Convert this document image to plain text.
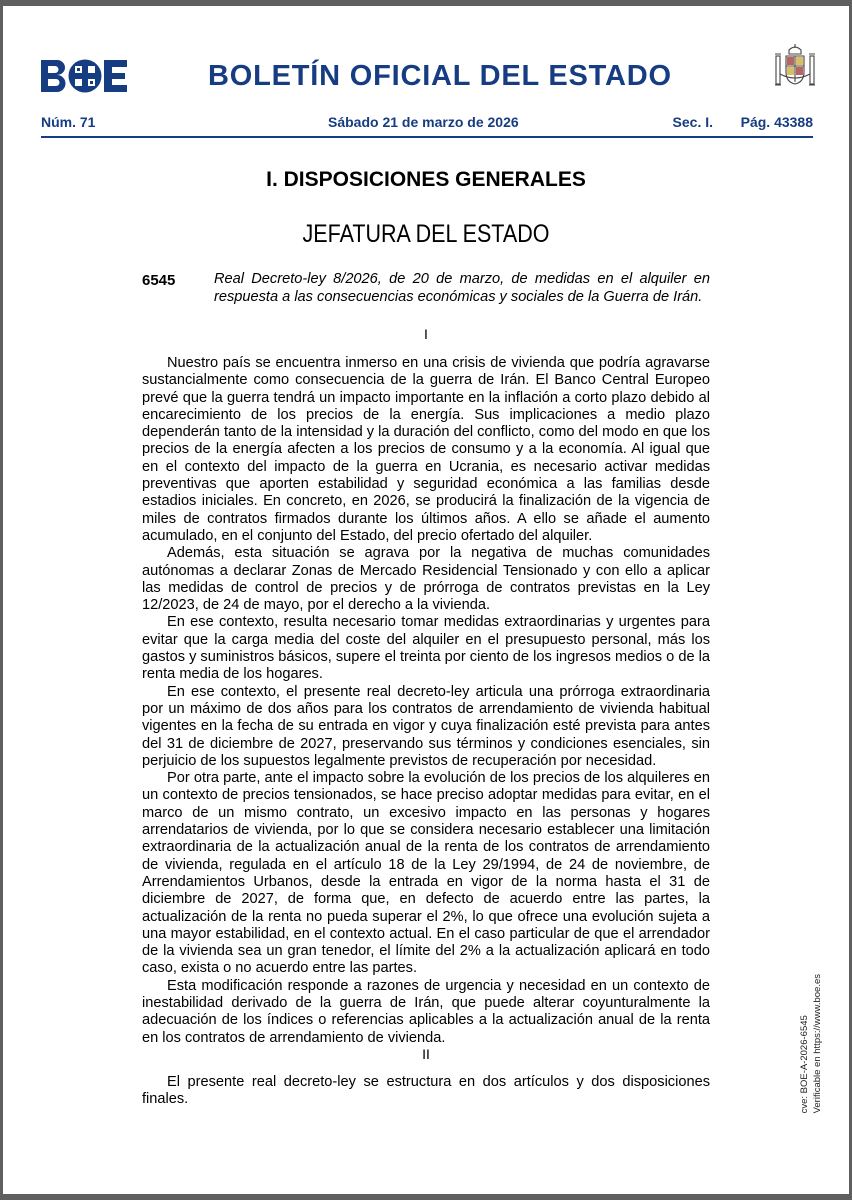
BOLETÍN OFICIAL DEL ESTADO
Núm. 71	Sábado 21 de marzo de 2026	Sec. I. Pág. 43388
I. DISPOSICIONES GENERALES
JEFATURA DEL ESTADO
6545	Real Decreto-ley 8/2026, de 20 de marzo, de medidas en el alquiler en respuesta a las consecuencias económicas y sociales de la Guerra de Irán.
I

Nuestro país se encuentra inmerso en una crisis de vivienda que podría agravarse sustancialmente como consecuencia de la guerra de Irán. El Banco Central Europeo prevé que la guerra tendrá un impacto importante en la inflación a corto plazo debido al encarecimiento de los precios de la energía. Sus implicaciones a medio plazo dependerán tanto de la intensidad y la duración del conflicto, como del modo en que los precios de la energía afecten a los precios de consumo y a la economía. Al igual que en el contexto del impacto de la guerra en Ucrania, es necesario activar medidas preventivas que aporten estabilidad y seguridad económica a las familias desde estadios iniciales. En concreto, en 2026, se producirá la finalización de la vigencia de miles de contratos firmados durante los últimos años. A ello se añade el aumento acumulado, en el conjunto del Estado, del precio ofertado del alquiler.

Además, esta situación se agrava por la negativa de muchas comunidades autónomas a declarar Zonas de Mercado Residencial Tensionado y con ello a aplicar las medidas de control de precios y de prórroga de contratos previstas en la Ley 12/2023, de 24 de mayo, por el derecho a la vivienda.

En ese contexto, resulta necesario tomar medidas extraordinarias y urgentes para evitar que la carga media del coste del alquiler en el presupuesto personal, más los gastos y suministros básicos, supere el treinta por ciento de los ingresos medios o de la renta media de los hogares.

En ese contexto, el presente real decreto-ley articula una prórroga extraordinaria por un máximo de dos años para los contratos de arrendamiento de vivienda habitual vigentes en la fecha de su entrada en vigor y cuya finalización esté prevista para antes del 31 de diciembre de 2027, preservando sus términos y condiciones esenciales, sin perjuicio de los supuestos legalmente previstos de recuperación por necesidad.

Por otra parte, ante el impacto sobre la evolución de los precios de los alquileres en un contexto de precios tensionados, se hace preciso adoptar medidas para evitar, en el marco de un mismo contrato, un excesivo impacto en las personas y hogares arrendatarios de vivienda, por lo que se considera necesario establecer una limitación extraordinaria de la actualización anual de la renta de los contratos de arrendamiento de vivienda, regulada en el artículo 18 de la Ley 29/1994, de 24 de noviembre, de Arrendamientos Urbanos, desde la entrada en vigor de la norma hasta el 31 de diciembre de 2027, de forma que, en defecto de acuerdo entre las partes, la actualización de la renta no pueda superar el 2%, lo que ofrece una evolución sujeta a una mayor estabilidad, en el contexto actual. En el caso particular de que el arrendador de la vivienda sea un gran tenedor, el límite del 2% a la actualización aplicará en todo caso, exista o no acuerdo entre las partes.

Esta modificación responde a razones de urgencia y necesidad en un contexto de inestabilidad derivado de la guerra de Irán, que puede alterar coyunturalmente la adecuación de los índices o referencias aplicables a la actualización anual de la renta en los contratos de arrendamiento de vivienda.

II

El presente real decreto-ley se estructura en dos artículos y dos disposiciones finales.	cve: BOE-A-2026-6545 Verificable en https://www.boe.es
